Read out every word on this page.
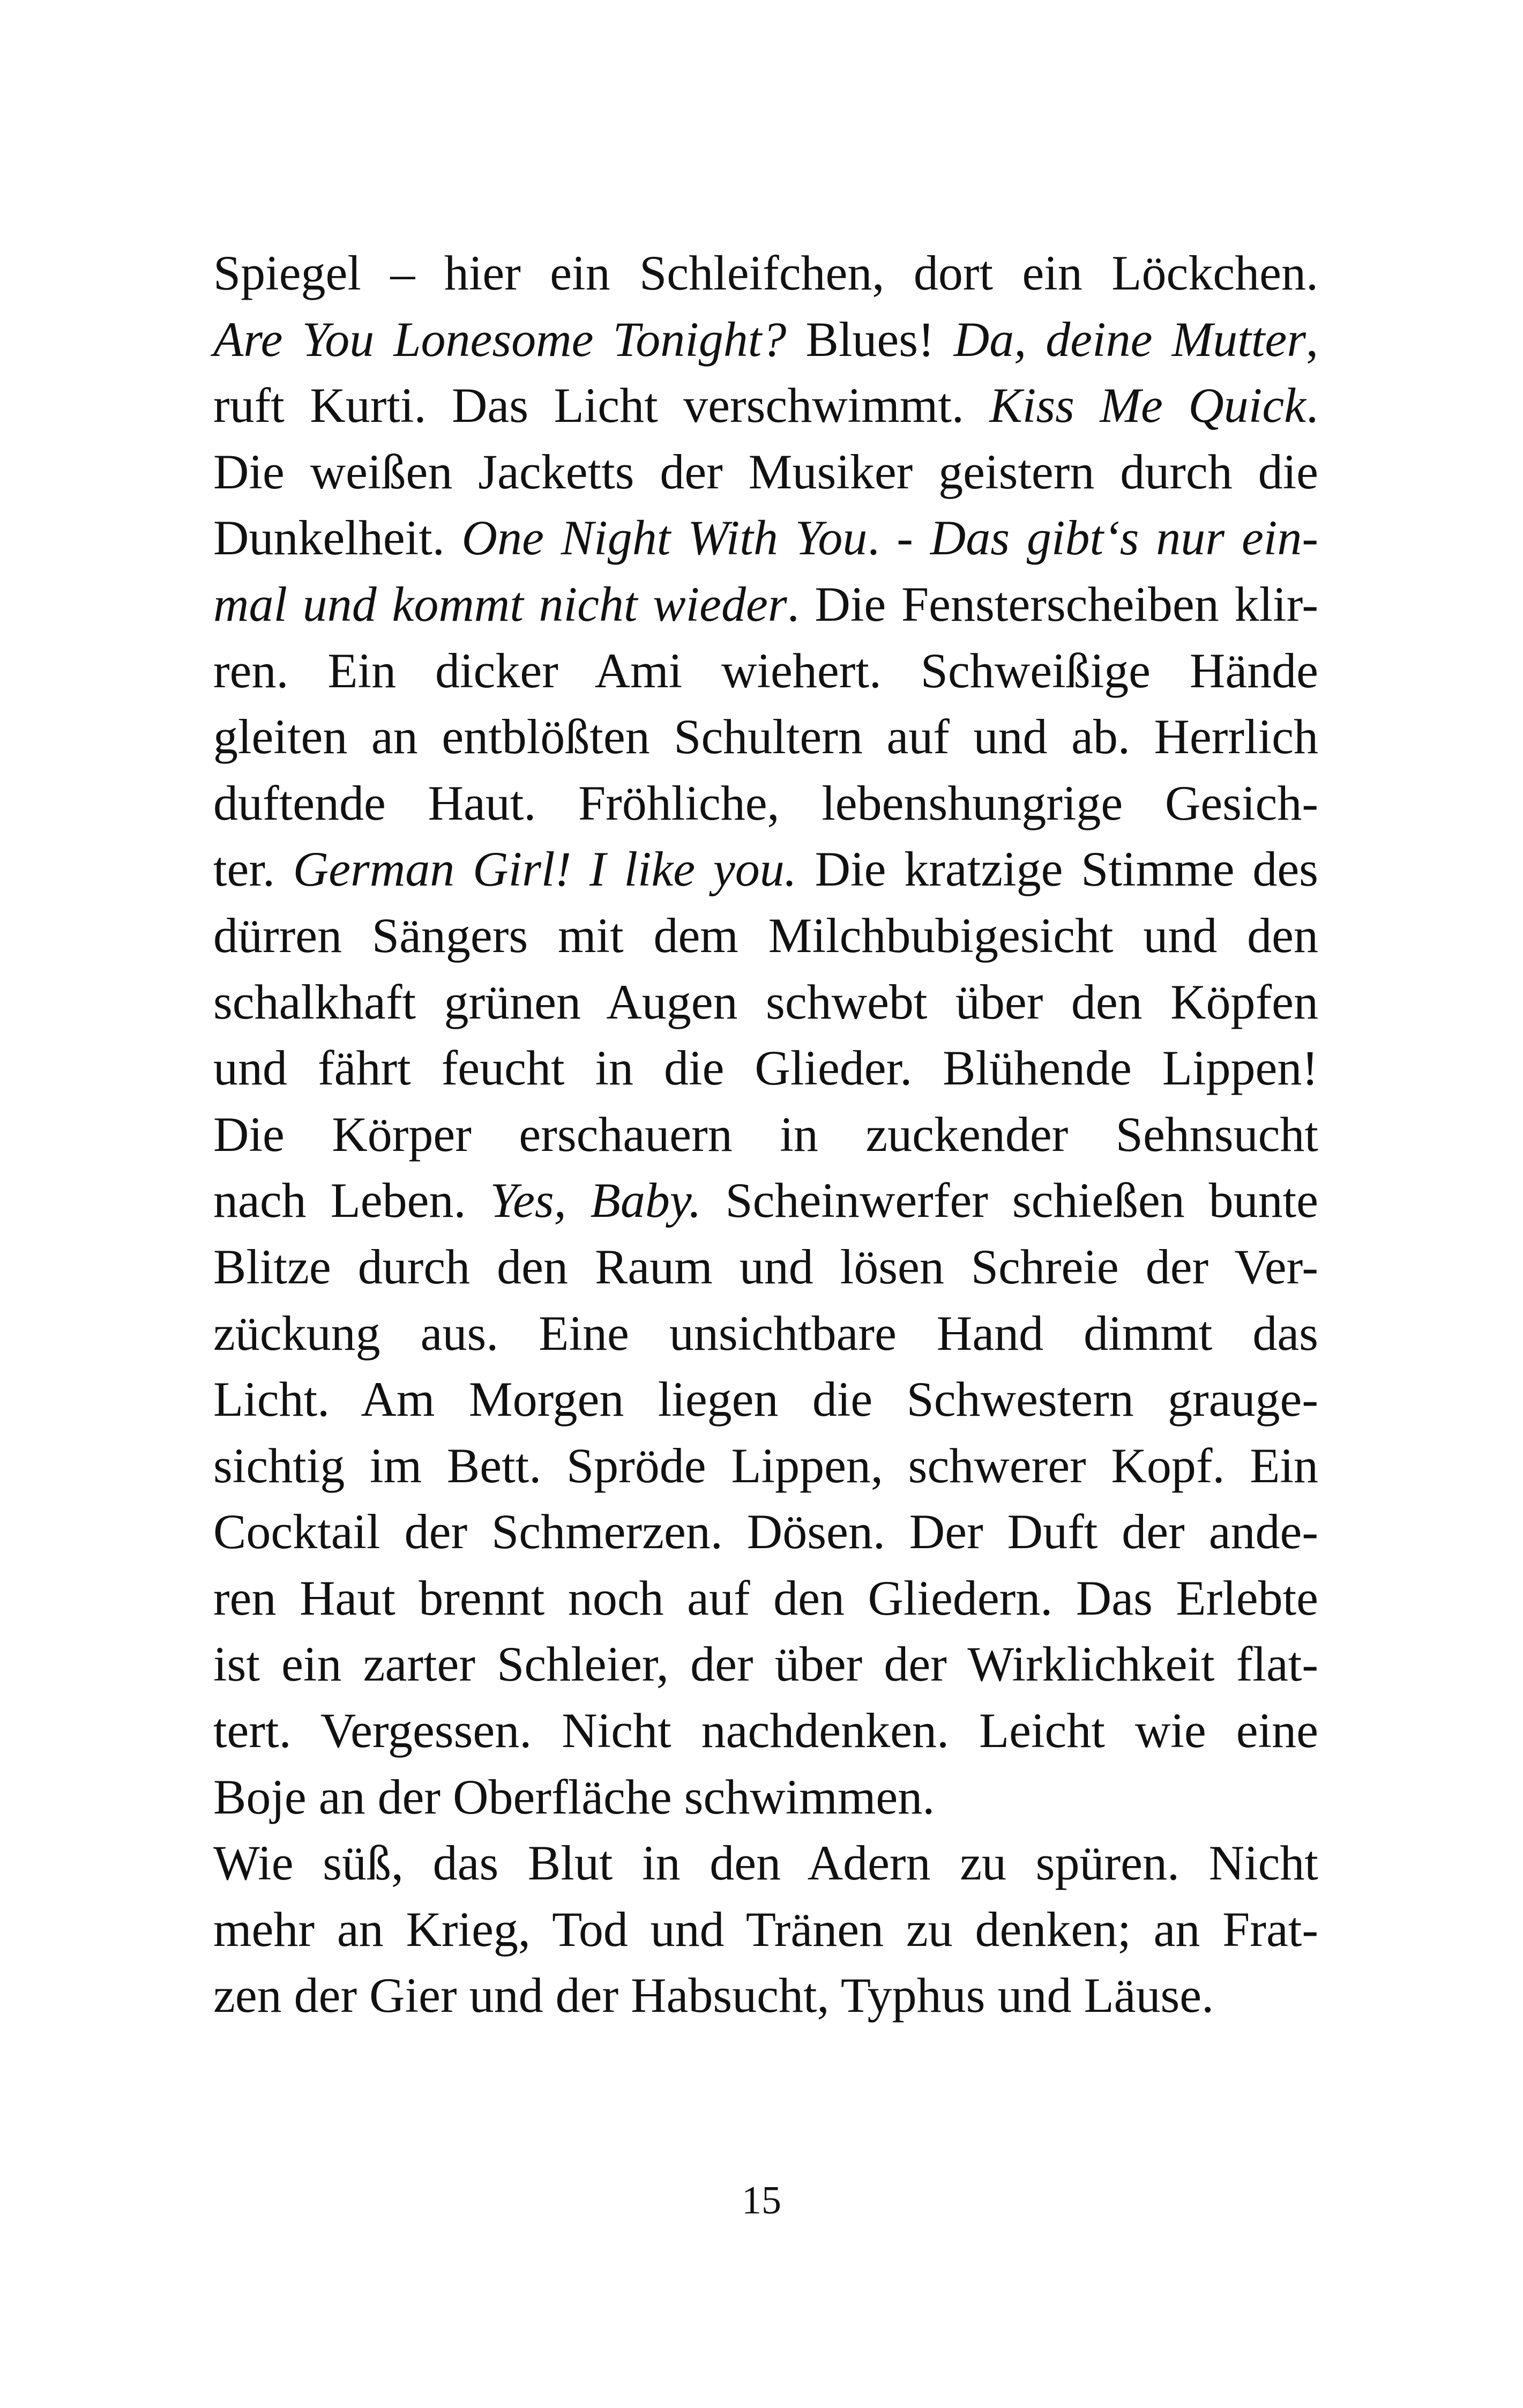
Spiegel – hier ein Schleifchen, dort ein Löckchen.
Are You Lonesome Tonight? Blues! Da, deine Mutter,
ruft Kurti. Das Licht verschwimmt. Kiss Me Quick.
Die weißen Jacketts der Musiker geistern durch die
Dunkelheit. One Night With You. - Das gibt‘s nur ein-
mal und kommt nicht wieder. Die Fensterscheiben klir-
ren. Ein dicker Ami wiehert. Schweißige Hände
gleiten an entblößten Schultern auf und ab. Herrlich
duftende Haut. Fröhliche, lebenshungrige Gesich-
ter. German Girl! I like you. Die kratzige Stimme des
dürren Sängers mit dem Milchbubigesicht und den
schalkhaft grünen Augen schwebt über den Köpfen
und fährt feucht in die Glieder. Blühende Lippen!
Die Körper erschauern in zuckender Sehnsucht
nach Leben. Yes, Baby. Scheinwerfer schießen bunte
Blitze durch den Raum und lösen Schreie der Ver-
zückung aus. Eine unsichtbare Hand dimmt das
Licht. Am Morgen liegen die Schwestern graugе-
sichtig im Bett. Spröde Lippen, schwerer Kopf. Ein
Cocktail der Schmerzen. Dösen. Der Duft der ande-
ren Haut brennt noch auf den Gliedern. Das Erlebte
ist ein zarter Schleier, der über der Wirklichkeit flat-
tert. Vergessen. Nicht nachdenken. Leicht wie eine
Boje an der Oberfläche schwimmen.
Wie süß, das Blut in den Adern zu spüren. Nicht
mehr an Krieg, Tod und Tränen zu denken; an Frat-
zen der Gier und der Habsucht, Typhus und Läuse.
15
